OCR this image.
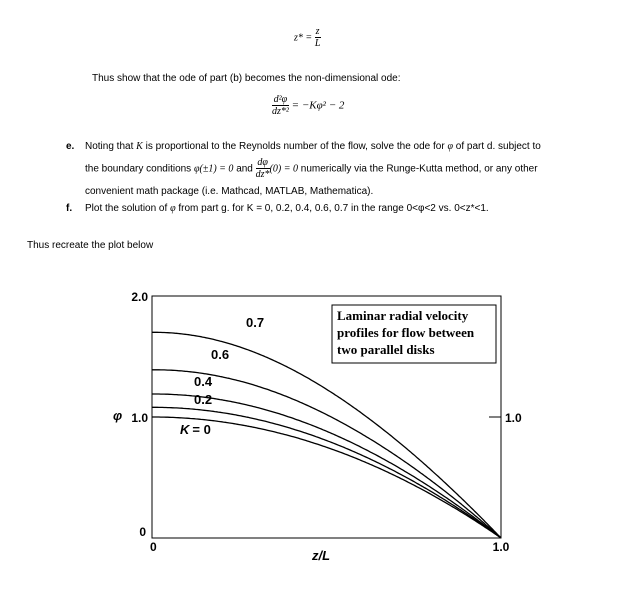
$z* = \frac{z}{L}$
Thus show that the ode of part (b) becomes the non-dimensional ode:
$\frac{\text{d²φ}}{\text{dz*²}} = -K\varphi^2 - 2$
e. Noting that K is proportional to the Reynolds number of the flow, solve the ode for φ of part d. subject to
the boundary conditions φ(±1) = 0 and $\frac{d\varphi}{dz*} (0) = 0$ numerically via the Runge-Kutta method, or any other
convenient math package (i.e. Mathcad, MATLAB, Mathematica).
f. Plot the solution of φ from part g. for K = 0, 0.2, 0.4, 0.6, 0.7 in the range 0<φ<2 vs. 0<z*<1.
Thus recreate the plot below
2.0
1.0
0
0	1.0
1.0
0.7
0.6
0.4
0.2
K = 0
Laminar radial velocity
profiles for flow between
two parallel disks
z/L
φ
